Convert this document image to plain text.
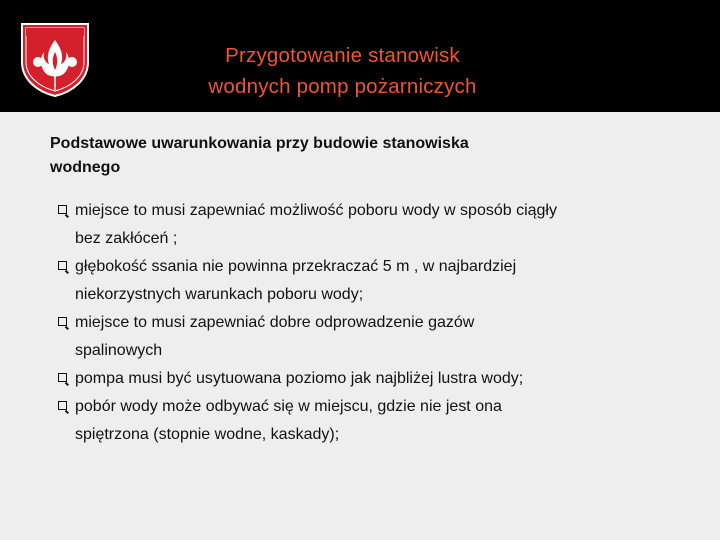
Przygotowanie stanowisk
wodnych pomp pożarniczych
Podstawowe uwarunkowania przy budowie stanowiska
wodnego
miejsce to musi zapewniać możliwość poboru wody w sposób ciągły
bez zakłóceń ;
głębokość ssania nie powinna przekraczać 5 m , w najbardziej
niekorzystnych warunkach poboru wody;
miejsce to musi zapewniać dobre odprowadzenie gazów
spalinowych
pompa musi być usytuowana poziomo jak najbliżej lustra wody;
pobór wody może odbywać się w miejscu, gdzie nie jest ona
spiętrzona (stopnie wodne, kaskady);
